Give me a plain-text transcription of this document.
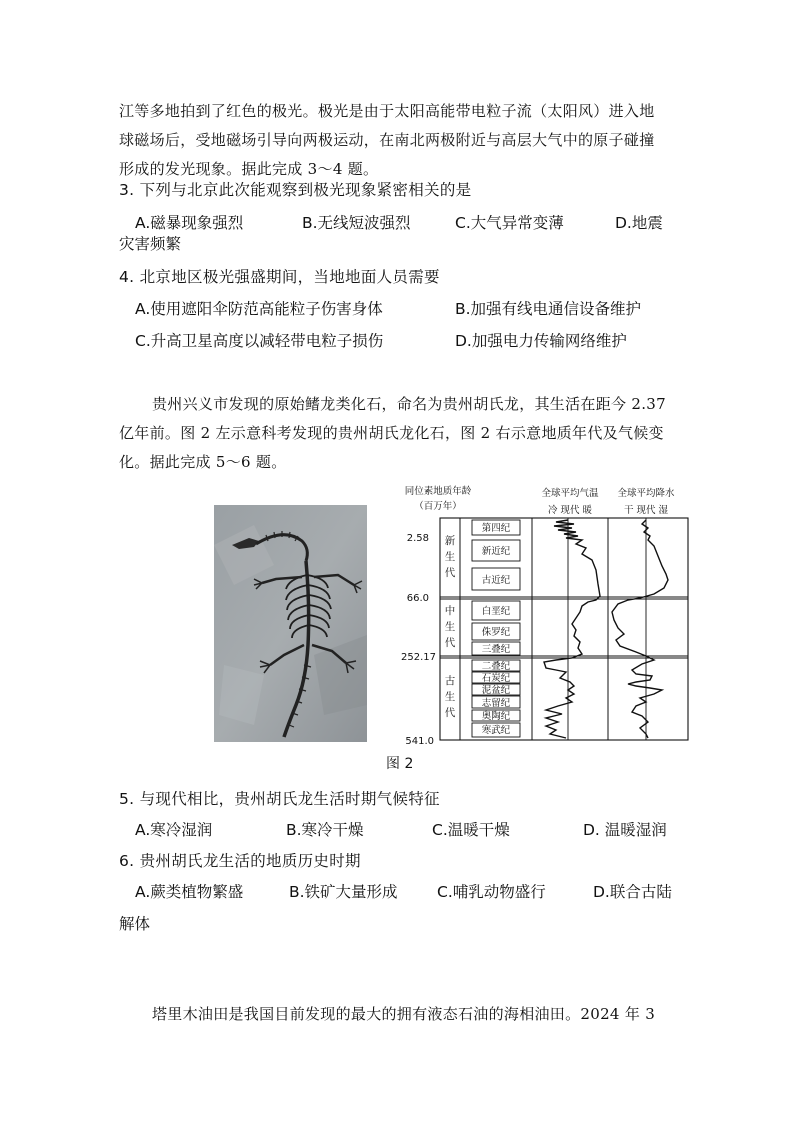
江等多地拍到了红色的极光。极光是由于太阳高能带电粒子流（太阳风）进入地
球磁场后，受地磁场引导向两极运动，在南北两极附近与高层大气中的原子碰撞
形成的发光现象。据此完成 3～4 题。
3. 下列与北京此次能观察到极光现象紧密相关的是
A.磁暴现象强烈	B.无线短波强烈	C.大气异常变薄	D.地震
灾害频繁
4. 北京地区极光强盛期间，当地地面人员需要
A.使用遮阳伞防范高能粒子伤害身体	B.加强有线电通信设备维护
C.升高卫星高度以减轻带电粒子损伤	D.加强电力传输网络维护
贵州兴义市发现的原始鳍龙类化石，命名为贵州胡氏龙，其生活在距今 2.37
亿年前。图 2 左示意科考发现的贵州胡氏龙化石，图 2 右示意地质年代及气候变
化。据此完成 5～6 题。
同位素地质年龄
（百万年）
全球平均气温
冷 现代 暖
全球平均降水
干 现代 湿
2.58
66.0
252.17
541.0
新
生
代
中
生
代
古
生
代
第四纪
新近纪
古近纪
白垩纪
侏罗纪
三叠纪
二叠纪
石炭纪
泥盆纪
志留纪
奥陶纪
寒武纪
图 2
5. 与现代相比，贵州胡氏龙生活时期气候特征
A.寒冷湿润	B.寒冷干燥	C.温暖干燥	D. 温暖湿润
6. 贵州胡氏龙生活的地质历史时期
A.蕨类植物繁盛	B.铁矿大量形成	C.哺乳动物盛行	D.联合古陆
解体
塔里木油田是我国目前发现的最大的拥有液态石油的海相油田。2024 年 3
